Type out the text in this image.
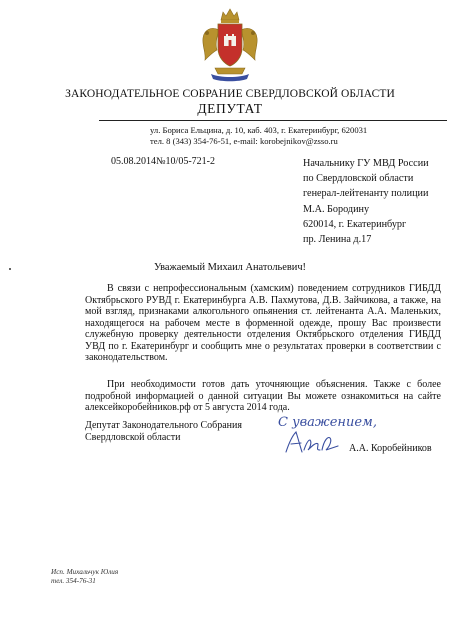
ЗАКОНОДАТЕЛЬНОЕ СОБРАНИЕ СВЕРДЛОВСКОЙ ОБЛАСТИ
ДЕПУТАТ
ул. Бориса Ельцина, д. 10, каб. 403, г. Екатеринбург, 620031
тел. 8 (343) 354-76-51, e-mail: korobejnikov@zsso.ru
05.08.2014№10/05-721-2	Начальнику ГУ МВД России
по Свердловской области
генерал-лейтенанту полиции
М.А. Бородину
620014, г. Екатеринбург
пр. Ленина д.17
Уважаемый Михаил Анатольевич!
В связи с непрофессиональным (хамским) поведением сотрудников ГИБДД Октябрьского РУВД г. Екатеринбурга А.В. Пахмутова, Д.В. Зайчикова, а также, на мой взгляд, признаками алкогольного опьянения ст. лейтенанта А.А. Маленьких, находящегося на рабочем месте в форменной одежде, прошу Вас произвести служебную проверку деятельности отделения Октябрьского отделения ГИБДД УВД по г. Екатеринбург и сообщить мне о результатах проверки в соответствии с законодательством.
При необходимости готов дать уточняющие объяснения. Также с более подробной информацией о данной ситуации Вы можете ознакомиться на сайте алексейкоробейников.рф от 5 августа 2014 года.
Депутат Законодательного Собрания
Свердловской области
С уважением,
А.А. Коробейников
Исп. Михальчук Юлия
тел. 354-76-31
